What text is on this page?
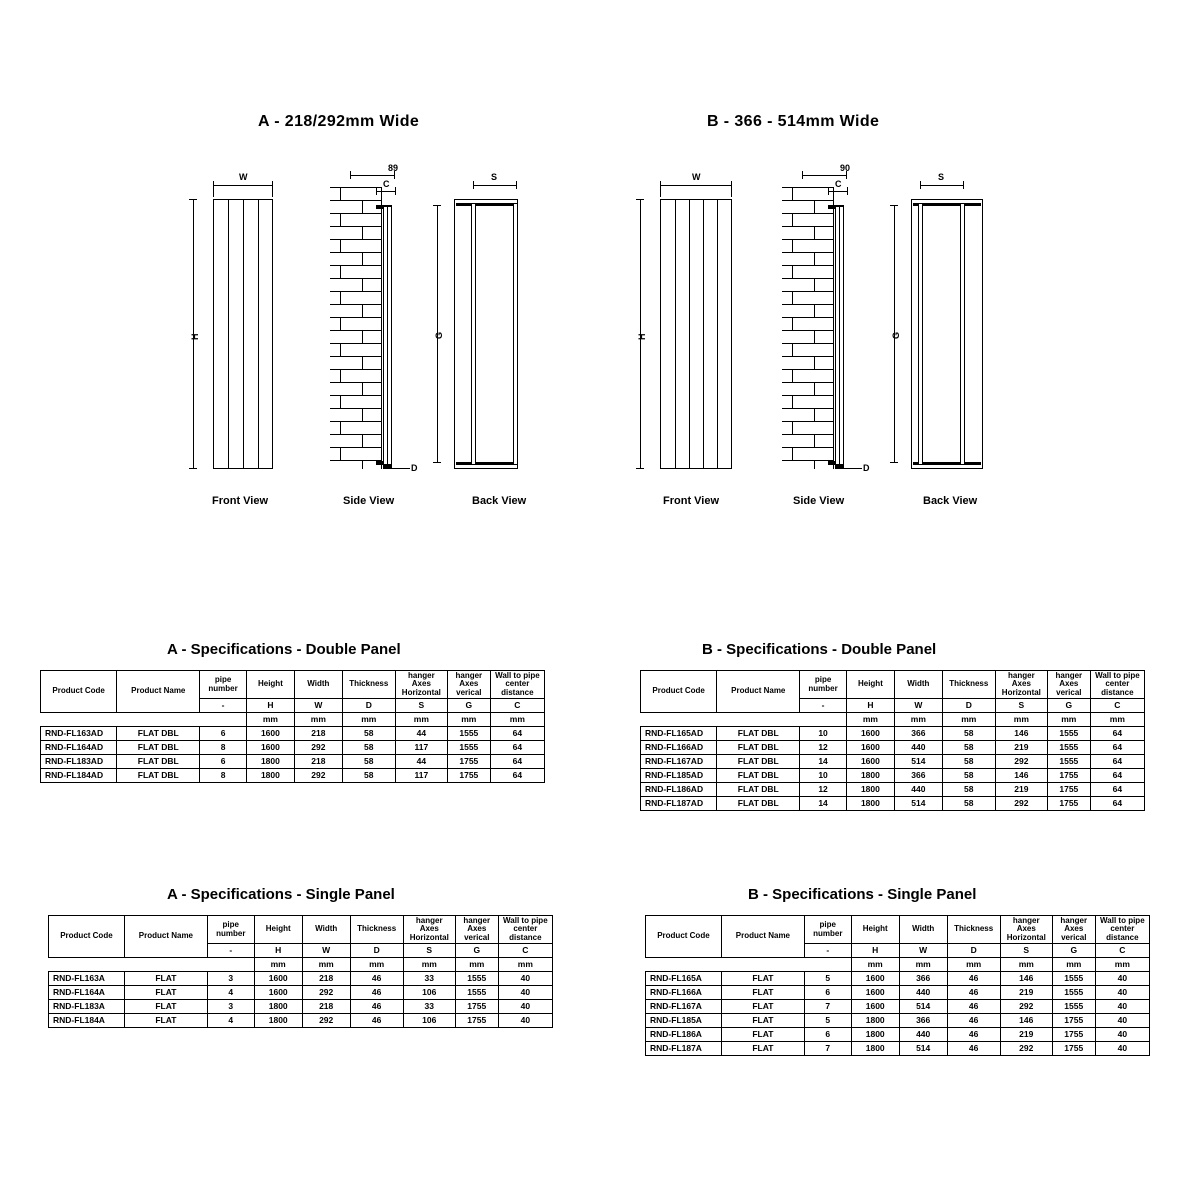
A - 218/292mm Wide	B - 366 - 514mm Wide
W
H
Front View
89
C
D
Side View
S
G
Back View
W
H
Front View
90
C
D
Side View
S
G
Back View
A - Specifications - Double Panel	B - Specifications - Double Panel
A - Specifications - Single Panel	B - Specifications - Single Panel
Product Code	Product Name	pipe number	Height	Width	Thickness	hanger Axes Horizontal	hanger Axes verical	Wall to pipe center distance
		-	H	W	D	S	G	C
			mm	mm	mm	mm	mm	mm
RND-FL163AD	FLAT DBL	6	1600	218	58	44	1555	64
RND-FL164AD	FLAT DBL	8	1600	292	58	117	1555	64
RND-FL183AD	FLAT DBL	6	1800	218	58	44	1755	64
RND-FL184AD	FLAT DBL	8	1800	292	58	117	1755	64
Product Code	Product Name	pipe number	Height	Width	Thickness	hanger Axes Horizontal	hanger Axes verical	Wall to pipe center distance
		-	H	W	D	S	G	C
			mm	mm	mm	mm	mm	mm
RND-FL165AD	FLAT DBL	10	1600	366	58	146	1555	64
RND-FL166AD	FLAT DBL	12	1600	440	58	219	1555	64
RND-FL167AD	FLAT DBL	14	1600	514	58	292	1555	64
RND-FL185AD	FLAT DBL	10	1800	366	58	146	1755	64
RND-FL186AD	FLAT DBL	12	1800	440	58	219	1755	64
RND-FL187AD	FLAT DBL	14	1800	514	58	292	1755	64
Product Code	Product Name	pipe number	Height	Width	Thickness	hanger Axes Horizontal	hanger Axes verical	Wall to pipe center distance
		-	H	W	D	S	G	C
			mm	mm	mm	mm	mm	mm
RND-FL163A	FLAT	3	1600	218	46	33	1555	40
RND-FL164A	FLAT	4	1600	292	46	106	1555	40
RND-FL183A	FLAT	3	1800	218	46	33	1755	40
RND-FL184A	FLAT	4	1800	292	46	106	1755	40
Product Code	Product Name	pipe number	Height	Width	Thickness	hanger Axes Horizontal	hanger Axes verical	Wall to pipe center distance
		-	H	W	D	S	G	C
			mm	mm	mm	mm	mm	mm
RND-FL165A	FLAT	5	1600	366	46	146	1555	40
RND-FL166A	FLAT	6	1600	440	46	219	1555	40
RND-FL167A	FLAT	7	1600	514	46	292	1555	40
RND-FL185A	FLAT	5	1800	366	46	146	1755	40
RND-FL186A	FLAT	6	1800	440	46	219	1755	40
RND-FL187A	FLAT	7	1800	514	46	292	1755	40
